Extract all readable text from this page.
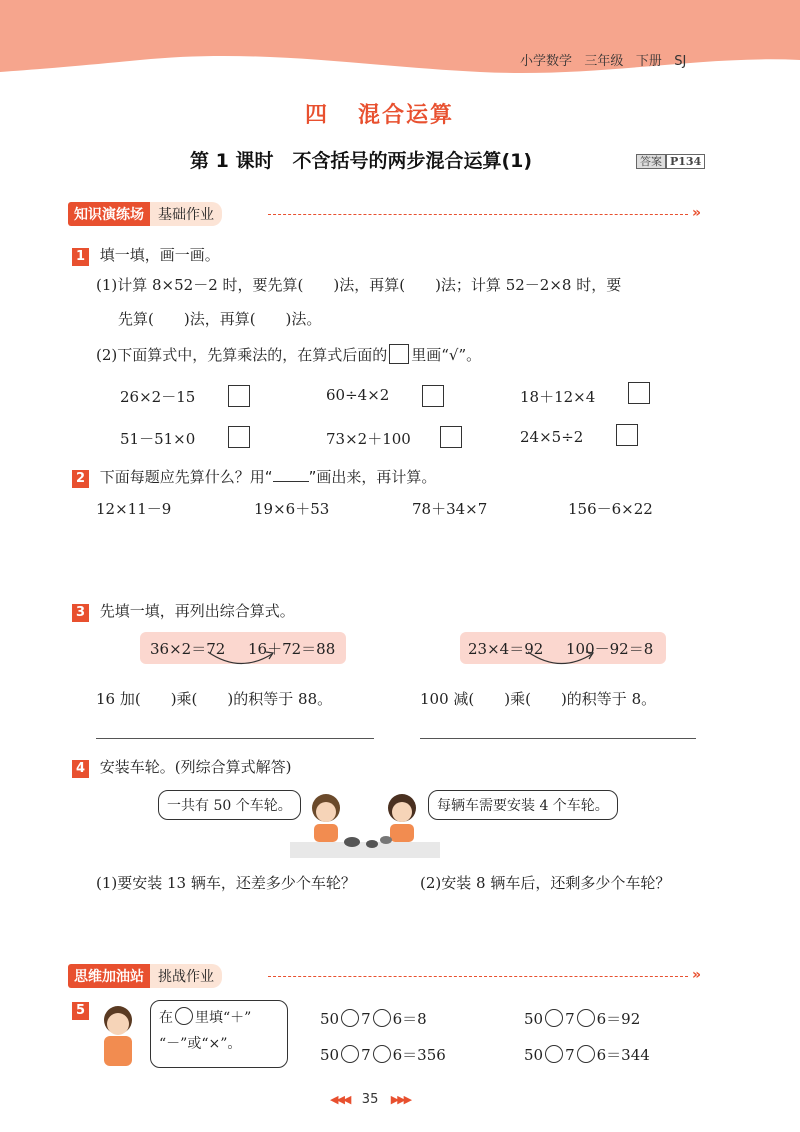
小学数学 三年级 下册 SJ
四 混合运算
第 1 课时　不含括号的两步混合运算(1)	答案 P134
知识演练场	基础作业	»
1 填一填，画一画。
(1)计算 8×52－2 时，要先算(　　)法，再算(　　)法；计算 52－2×8 时，要
先算(　　)法，再算(　　)法。
(2)下面算式中，先算乘法的，在算式后面的 里画“√”。
26×2－15	60÷4×2	18＋12×4
51－51×0	73×2＋100	24×5÷2
2 下面每题应先算什么？用“ ”画出来，再计算。
12×11－9	19×6＋53	78＋34×7	156－6×22
3 先填一填，再列出综合算式。
36×2＝72 16＋72＝88	23×4＝92 100－92＝8
16 加(　　)乘(　　)的积等于 88。	100 减(　　)乘(　　)的积等于 8。
4 安装车轮。(列综合算式解答)
一共有 50 个车轮。	每辆车需要安装 4 个车轮。
(1)要安装 13 辆车，还差多少个车轮？	(2)安装 8 辆车后，还剩多少个车轮？
思维加油站	挑战作业	»
5	在 里填“＋”
“－”或“×”。
50 7 6＝8	50 7 6＝92
50 7 6＝356	50 7 6＝344
◀◀◀ 35 ▶▶▶
